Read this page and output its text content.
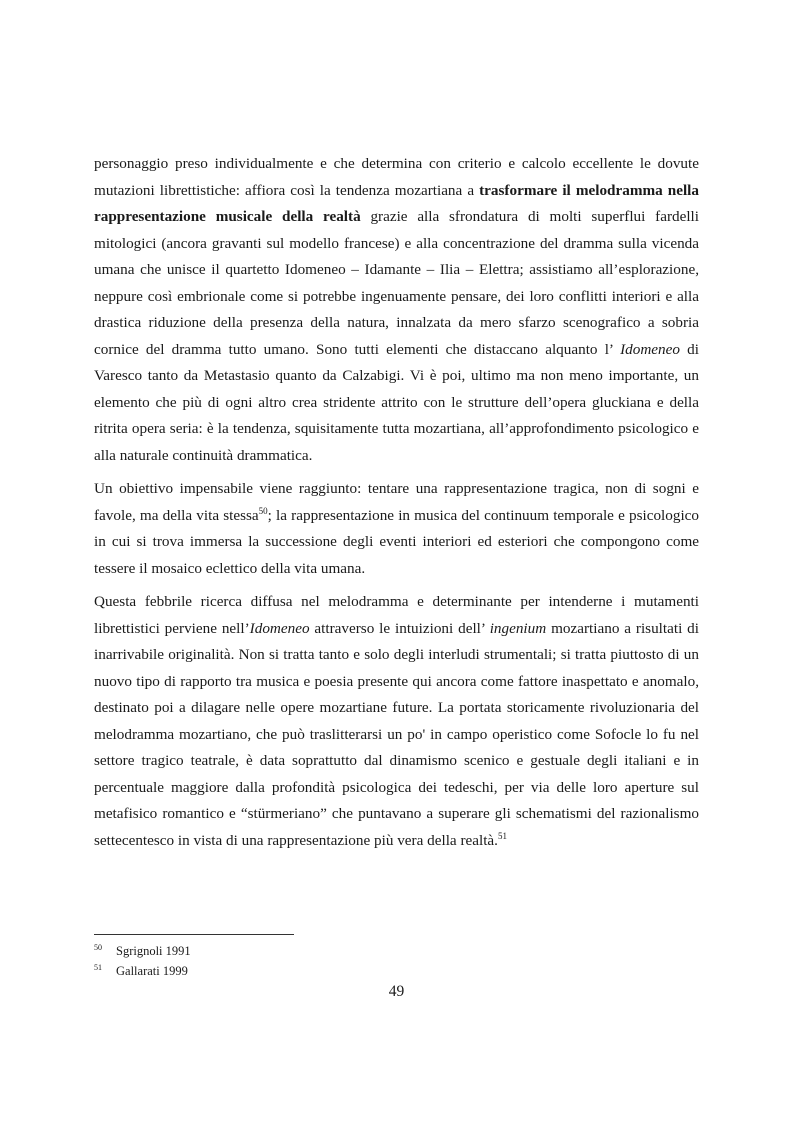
personaggio preso individualmente e che determina con criterio e calcolo eccellente le dovute mutazioni librettistiche: affiora così la tendenza mozartiana a trasformare il melodramma nella rappresentazione musicale della realtà grazie alla sfrondatura di molti superflui fardelli mitologici (ancora gravanti sul modello francese) e alla concentrazione del dramma sulla vicenda umana che unisce il quartetto Idomeneo – Idamante – Ilia – Elettra; assistiamo all’esplorazione, neppure così embrionale come si potrebbe ingenuamente pensare, dei loro conflitti interiori e alla drastica riduzione della presenza della natura, innalzata da mero sfarzo scenografico a sobria cornice del dramma tutto umano. Sono tutti elementi che distaccano alquanto l’ Idomeneo di Varesco tanto da Metastasio quanto da Calzabigi. Vi è poi, ultimo ma non meno importante, un elemento che più di ogni altro crea stridente attrito con le strutture dell’opera gluckiana e della ritrita opera seria: è la tendenza, squisitamente tutta mozartiana, all’approfondimento psicologico e alla naturale continuità drammatica.

Un obiettivo impensabile viene raggiunto: tentare una rappresentazione tragica, non di sogni e favole, ma della vita stessa$^{50}$; la rappresentazione in musica del continuum temporale e psicologico in cui si trova immersa la successione degli eventi interiori ed esteriori che compongono come tessere il mosaico eclettico della vita umana.

Questa febbrile ricerca diffusa nel melodramma e determinante per intenderne i mutamenti librettistici perviene nell’Idomeneo attraverso le intuizioni dell’ ingenium mozartiano a risultati di inarrivabile originalità. Non si tratta tanto e solo degli interludi strumentali; si tratta piuttosto di un nuovo tipo di rapporto tra musica e poesia presente qui ancora come fattore inaspettato e anomalo, destinato poi a dilagare nelle opere mozartiane future. La portata storicamente rivoluzionaria del melodramma mozartiano, che può traslitterarsi un po' in campo operistico come Sofocle lo fu nel settore tragico teatrale, è data soprattutto dal dinamismo scenico e gestuale degli italiani e in percentuale maggiore dalla profondità psicologica dei tedeschi, per via delle loro aperture sul metafisico romantico e “stürmeriano” che puntavano a superare gli schematismi del razionalismo settecentesco in vista di una rappresentazione più vera della realtà.$^{51}$

50	Sgrignoli 1991
51	Gallarati 1999
49
